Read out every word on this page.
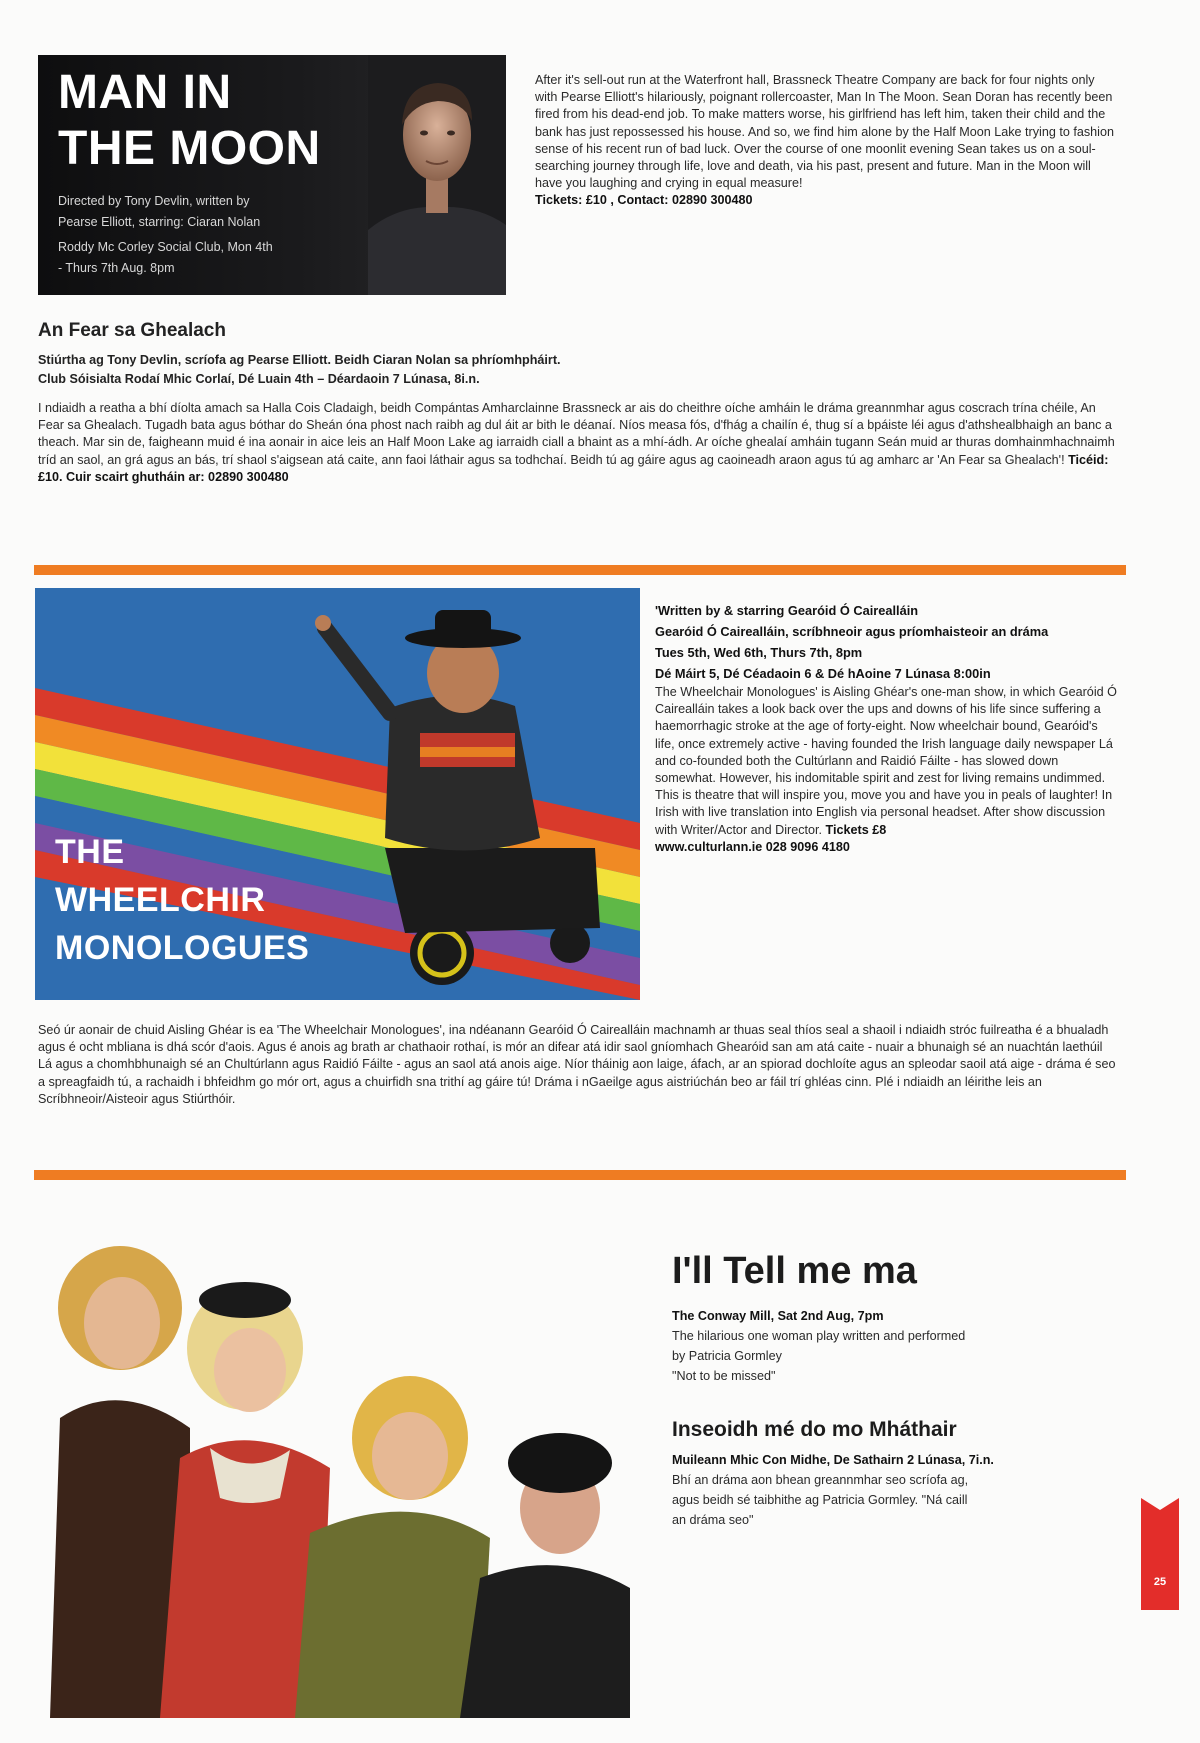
MAN IN
THE MOON
Directed by Tony Devlin, written by
Pearse Elliott, starring: Ciaran Nolan
Roddy Mc Corley Social Club, Mon 4th
- Thurs 7th Aug. 8pm
After it's sell-out run at the Waterfront hall, Brassneck Theatre Company are back for four nights only with Pearse Elliott's hilariously, poignant rollercoaster, Man In The Moon. Sean Doran has recently been fired from his dead-end job. To make matters worse, his girlfriend has left him, taken their child and the bank has just repossessed his house. And so, we find him alone by the Half Moon Lake trying to fashion sense of his recent run of bad luck. Over the course of one moonlit evening Sean takes us on a soul-searching journey through life, love and death, via his past, present and future. Man in the Moon will have you laughing and crying in equal measure!
Tickets: £10 , Contact: 02890 300480
An Fear sa Ghealach
Stiúrtha ag Tony Devlin, scríofa ag Pearse Elliott. Beidh Ciaran Nolan sa phríomhpháirt.
Club Sóisialta Rodaí Mhic Corlaí, Dé Luain 4th – Déardaoin 7 Lúnasa, 8i.n.
I ndiaidh a reatha a bhí díolta amach sa Halla Cois Cladaigh, beidh Compántas Amharclainne Brassneck ar ais do cheithre oíche amháin le dráma greannmhar agus coscrach trína chéile, An Fear sa Ghealach. Tugadh bata agus bóthar do Sheán óna phost nach raibh ag dul áit ar bith le déanaí. Níos measa fós, d'fhág a chailín é, thug sí a bpáiste léi agus d'athshealbhaigh an banc a theach. Mar sin de, faigheann muid é ina aonair in aice leis an Half Moon Lake ag iarraidh ciall a bhaint as a mhí-ádh. Ar oíche ghealaí amháin tugann Seán muid ar thuras domhainmhachnaimh tríd an saol, an grá agus an bás, trí shaol s'aigsean atá caite, ann faoi láthair agus sa todhchaí. Beidh tú ag gáire agus ag caoineadh araon agus tú ag amharc ar 'An Fear sa Ghealach'! Ticéid: £10. Cuir scairt ghutháin ar: 02890 300480
THE
WHEELCHIR
MONOLOGUES
'Written by & starring Gearóid Ó Cairealláin
Gearóid Ó Cairealláin, scríbhneoir agus príomhaisteoir an dráma
Tues 5th, Wed 6th, Thurs 7th, 8pm
Dé Máirt 5, Dé Céadaoin 6 & Dé hAoine 7 Lúnasa 8:00in
The Wheelchair Monologues' is Aisling Ghéar's one-man show, in which Gearóid Ó Cairealláin takes a look back over the ups and downs of his life since suffering a haemorrhagic stroke at the age of forty-eight. Now wheelchair bound, Gearóid's life, once extremely active - having founded the Irish language daily newspaper Lá and co-founded both the Cultúrlann and Raidió Fáilte - has slowed down somewhat. However, his indomitable spirit and zest for living remains undimmed. This is theatre that will inspire you, move you and have you in peals of laughter! In Irish with live translation into English via personal headset. After show discussion with Writer/Actor and Director. Tickets £8
www.culturlann.ie 028 9096 4180
Seó úr aonair de chuid Aisling Ghéar is ea 'The Wheelchair Monologues', ina ndéanann Gearóid Ó Cairealláin machnamh ar thuas seal thíos seal a shaoil i ndiaidh stróc fuilreatha é a bhualadh agus é ocht mbliana is dhá scór d'aois. Agus é anois ag brath ar chathaoir rothaí, is mór an difear atá idir saol gníomhach Ghearóid san am atá caite - nuair a bhunaigh sé an nuachtán laethúil Lá agus a chomhbhunaigh sé an Chultúrlann agus Raidió Fáilte - agus an saol atá anois aige. Níor tháinig aon laige, áfach, ar an spiorad dochloíte agus an spleodar saoil atá aige - dráma é seo a spreagfaidh tú, a rachaidh i bhfeidhm go mór ort, agus a chuirfidh sna trithí ag gáire tú! Dráma i nGaeilge agus aistriúchán beo ar fáil trí ghléas cinn. Plé i ndiaidh an léirithe leis an Scríbhneoir/Aisteoir agus Stiúrthóir.
I'll Tell me ma
The Conway Mill, Sat 2nd Aug, 7pm
The hilarious one woman play written and performed
by Patricia Gormley
"Not to be missed"
Inseoidh mé do mo Mháthair
Muileann Mhic Con Midhe, De Sathairn 2 Lúnasa, 7i.n.
Bhí an dráma aon bhean greannmhar seo scríofa ag,
agus beidh sé taibhithe ag Patricia Gormley. "Ná caill
an dráma seo"
25
